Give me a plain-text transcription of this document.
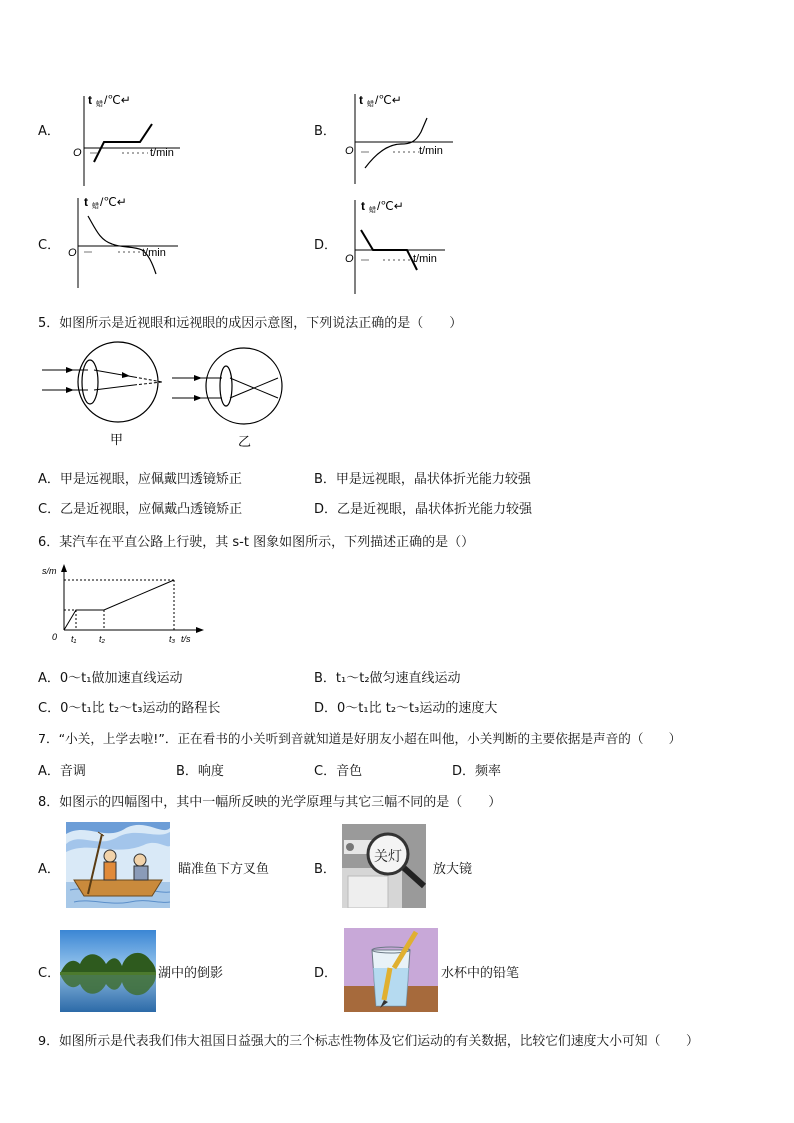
A．
t 蜡 /℃↵
O	t/min
B．
t 蜡 /℃↵
O	t/min
C．
t 蜡 /℃↵
O	t/min	D．
t 蜡 /℃↵
O	t/min
5．如图所示是近视眼和远视眼的成因示意图，下列说法正确的是（　　）
甲	乙
A．甲是远视眼，应佩戴凹透镜矫正	B．甲是远视眼，晶状体折光能力较强
C．乙是近视眼，应佩戴凸透镜矫正	D．乙是近视眼，晶状体折光能力较强
6．某汽车在平直公路上行驶，其 s-t 图象如图所示，下列描述正确的是（）
s/m
0 t₁	t₂	t₃ t/s
A．0～t₁做加速直线运动	B．t₁～t₂做匀速直线运动
C．0～t₁比 t₂～t₃运动的路程长	D．0～t₁比 t₂～t₃运动的速度大
7．“小关，上学去啦!”．正在看书的小关听到音就知道是好朋友小超在叫他，小关判断的主要依据是声音的（　　）
A．音调	B．响度	C．音色	D．频率
8．如图示的四幅图中，其中一幅所反映的光学原理与其它三幅不同的是（　　）
A．	瞄准鱼下方叉鱼	B．
关灯
放大镜
C．	湖中的倒影	D．	水杯中的铅笔
9．如图所示是代表我们伟大祖国日益强大的三个标志性物体及它们运动的有关数据，比较它们速度大小可知（　　）
